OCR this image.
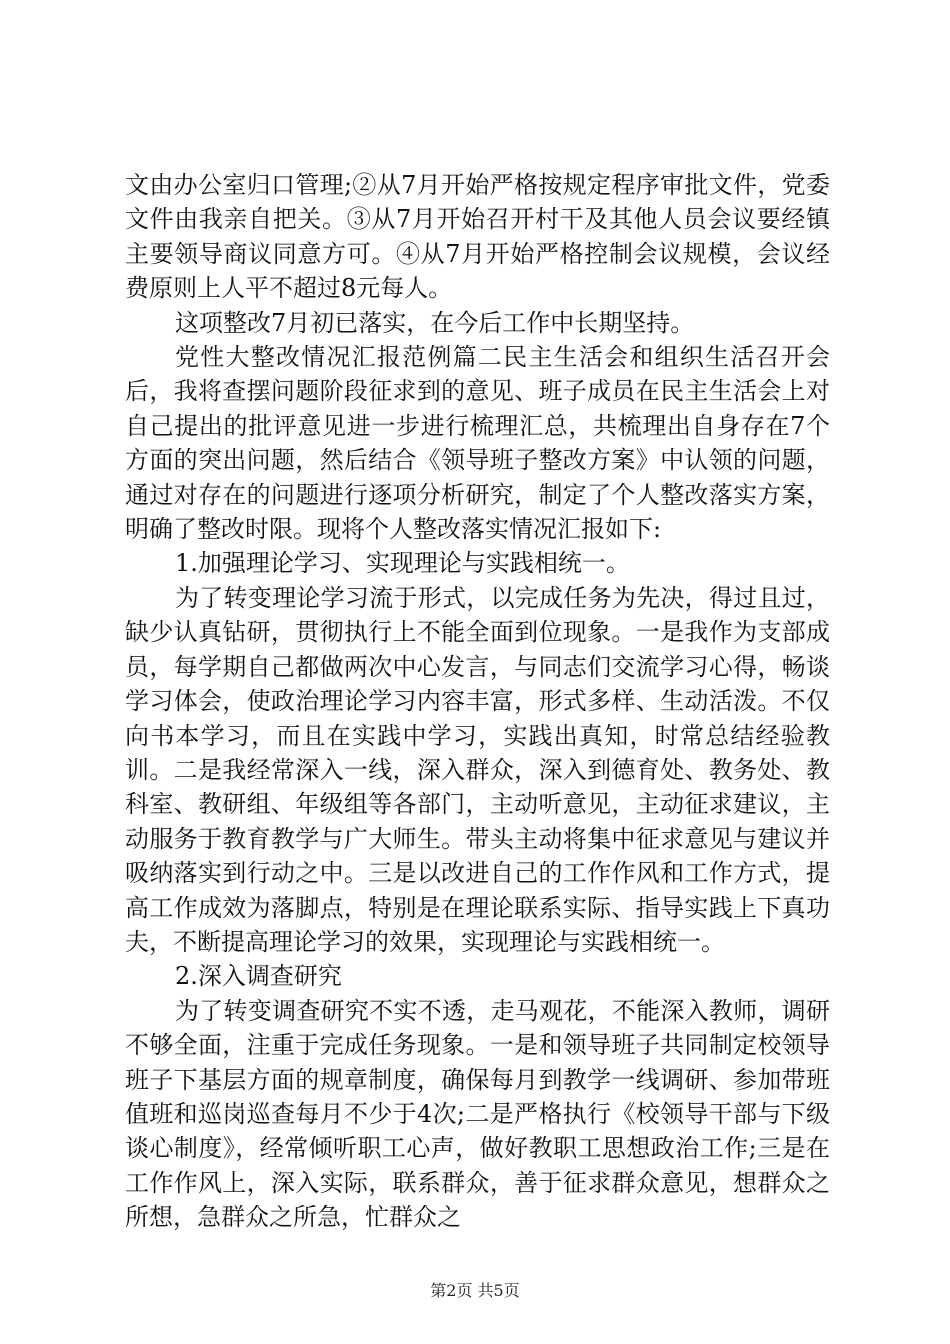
文由办公室归口管理;②从7月开始严格按规定程序审批文件，党委文件由我亲自把关。③从7月开始召开村干及其他人员会议要经镇主要领导商议同意方可。④从7月开始严格控制会议规模，会议经费原则上人平不超过8元每人。

这项整改7月初已落实，在今后工作中长期坚持。

党性大整改情况汇报范例篇二民主生活会和组织生活召开会后，我将查摆问题阶段征求到的意见、班子成员在民主生活会上对自己提出的批评意见进一步进行梳理汇总，共梳理出自身存在7个方面的突出问题，然后结合《领导班子整改方案》中认领的问题，通过对存在的问题进行逐项分析研究，制定了个人整改落实方案，明确了整改时限。现将个人整改落实情况汇报如下:

1.加强理论学习、实现理论与实践相统一。

为了转变理论学习流于形式，以完成任务为先决，得过且过，缺少认真钻研，贯彻执行上不能全面到位现象。一是我作为支部成员，每学期自己都做两次中心发言，与同志们交流学习心得，畅谈学习体会，使政治理论学习内容丰富，形式多样、生动活泼。不仅向书本学习，而且在实践中学习，实践出真知，时常总结经验教训。二是我经常深入一线，深入群众，深入到德育处、教务处、教科室、教研组、年级组等各部门，主动听意见，主动征求建议，主动服务于教育教学与广大师生。带头主动将集中征求意见与建议并吸纳落实到行动之中。三是以改进自己的工作作风和工作方式，提高工作成效为落脚点，特别是在理论联系实际、指导实践上下真功夫，不断提高理论学习的效果，实现理论与实践相统一。

2.深入调查研究

为了转变调查研究不实不透，走马观花，不能深入教师，调研不够全面，注重于完成任务现象。一是和领导班子共同制定校领导班子下基层方面的规章制度，确保每月到教学一线调研、参加带班值班和巡岗巡查每月不少于4次;二是严格执行《校领导干部与下级谈心制度》，经常倾听职工心声，做好教职工思想政治工作;三是在工作作风上，深入实际，联系群众，善于征求群众意见，想群众之所想，急群众之所急，忙群众之

第2页 共5页
